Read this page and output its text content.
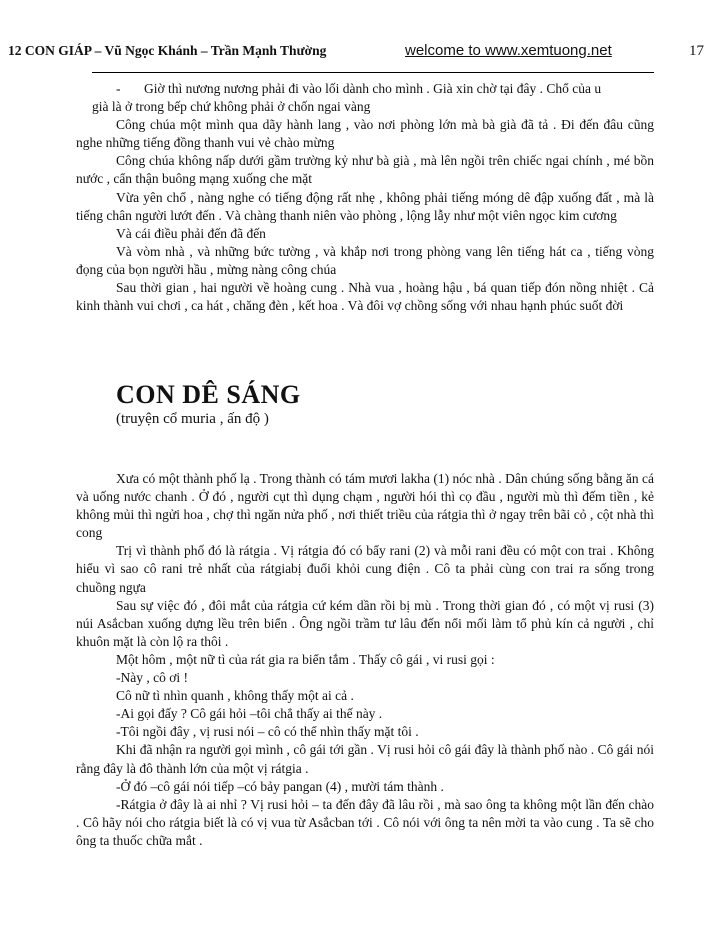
12 CON GIÁP – Vũ Ngọc Khánh – Trần Mạnh Thường	welcome to www.xemtuong.net	17

-	Giờ thì nương nương phải đi vào lối dành cho mình . Già xin chờ tại đây . Chổ của u

già là ở trong bếp chứ không phải ở chốn ngai vàng

Công chúa một mình qua dãy hành lang , vào nơi phòng lớn mà bà già đã tả . Đi đến đâu cũng nghe những tiếng đồng thanh vui vẻ chào mừng

Công chúa không nấp dưới gầm trường kỷ như bà già , mà lên ngồi trên chiếc ngai chính , mé bồn nước , cẩn thận buông mạng xuống che mặt

Vừa yên chổ , nàng nghe có tiếng động rất nhẹ , không phải tiếng móng dê đập xuống đất , mà là tiếng chân người lướt đến . Và chàng thanh niên vào phòng , lộng lẫy như một viên ngọc kim cương

Và cái điều phải đến đã đến

Và vòm nhà , và những bức tường , và khắp nơi trong phòng vang lên tiếng hát ca , tiếng vòng đọng của bọn người hầu , mừng nàng công chúa

Sau thời gian , hai người về hoàng cung . Nhà vua , hoàng hậu , bá quan tiếp đón nồng nhiệt . Cả kinh thành vui chơi , ca hát , chăng đèn , kết hoa . Và đôi vợ chồng sống với nhau hạnh phúc suốt đời

CON DÊ SÁNG
(truyện cổ muria , ấn độ )

Xưa có một thành phố lạ . Trong thành có tám mươi lakha (1) nóc nhà . Dân chúng sống bằng ăn cá và uống nước chanh . Ở đó , người cụt thì dụng chạm , người hói thì cọ đầu , người mù thì đếm tiền , kẻ không mủi thì ngửi hoa , chợ thì ngăn nửa phố , nơi thiết triều của rátgia thì ở ngay trên bãi cỏ , cột nhà thì cong

Trị vì thành phố đó là rátgia . Vị rátgia đó có bẩy rani (2) và mỗi rani đều có một con trai . Không hiểu vì sao cô rani trẻ nhất của rátgiabị đuổi khỏi cung điện . Cô ta phải cùng con trai ra sống trong chuồng ngựa

Sau sự việc đó , đôi mắt của rátgia cứ kém dần rồi bị mù . Trong thời gian đó , có một vị rusi (3) núi Asắcban xuống dựng lều trên biển . Ông ngồi trầm tư lâu đến nổi mối làm tổ phủ kín cả người , chỉ khuôn mặt là còn lộ ra thôi .

Một hôm , một nữ tì của rát gia ra biển tắm . Thấy cô gái , vi rusi gọi :

-Này , cô ơi !

Cô nữ tì nhìn quanh , không thấy một ai cả .

-Ai gọi đấy ? Cô gái hỏi –tôi chẳ thấy ai thế này .

-Tôi ngồi đây , vị rusi nói – cô có thể nhìn thấy mặt tôi .

Khi đã nhận ra người gọi mình , cô gái tới gần . Vị rusi hỏi cô gái đây là thành phố nào . Cô gái nói rằng đây là đô thành lớn của một vị rátgia .

-Ở đó –cô gái nói tiếp –có bảy pangan (4) , mười tám thành .

-Rátgia ở đây là ai nhỉ ? Vị rusi hỏi – ta đến đây đã lâu rồi , mà sao ông ta không một lần đến chào . Cô hãy nói cho rátgia biết là có vị vua từ Asắcban tới . Cô nói với ông ta nên mời ta vào cung . Ta sẽ cho ông ta thuốc chữa mắt .
